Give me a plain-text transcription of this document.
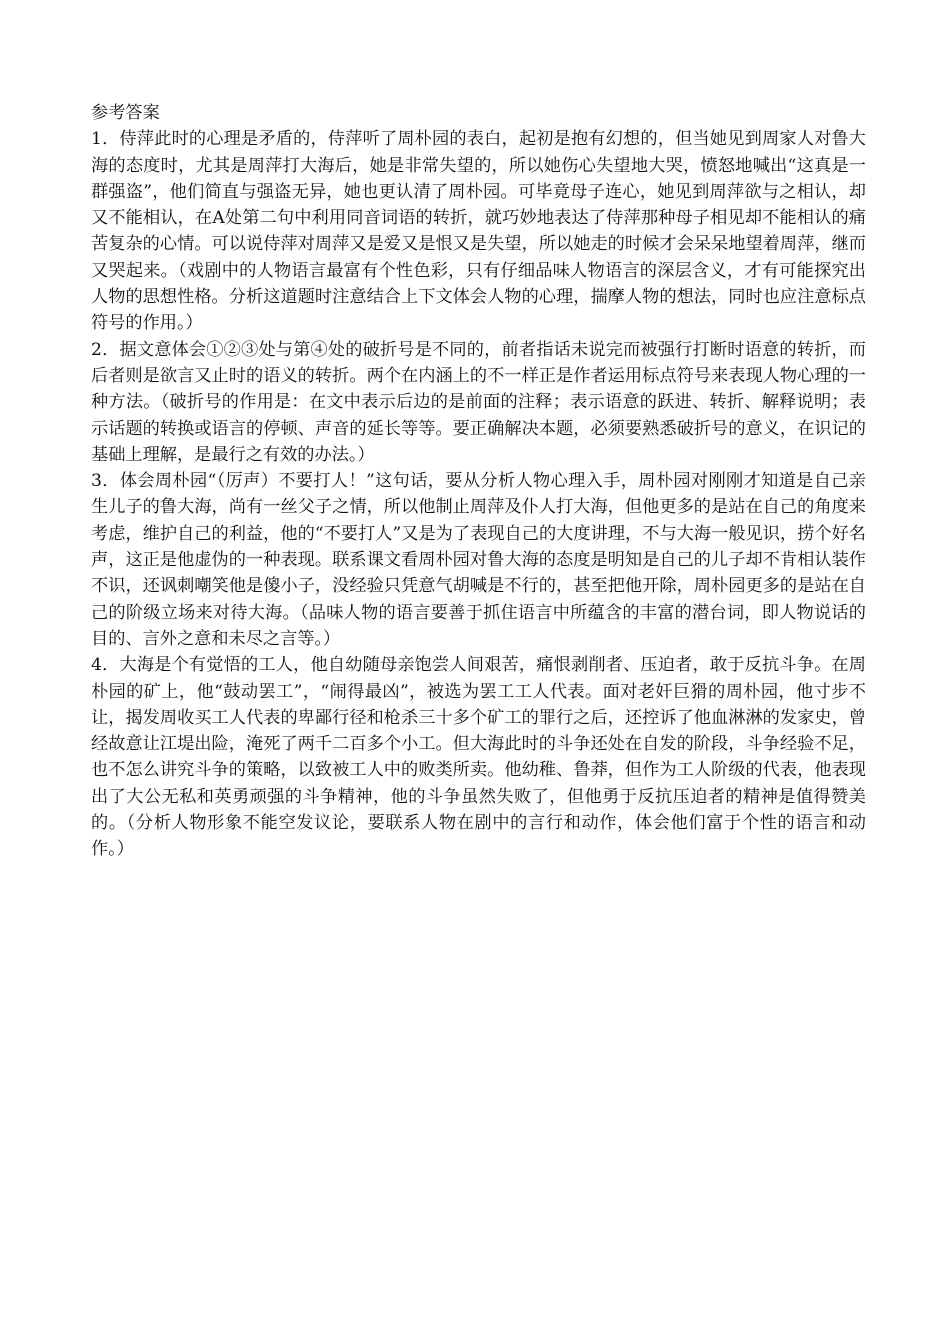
参考答案

1．侍萍此时的心理是矛盾的，侍萍听了周朴园的表白，起初是抱有幻想的，但当她见到周家人对鲁大海的态度时，尤其是周萍打大海后，她是非常失望的，所以她伤心失望地大哭，愤怒地喊出“这真是一群强盗”，他们简直与强盗无异，她也更认清了周朴园。可毕竟母子连心，她见到周萍欲与之相认，却又不能相认，在A处第二句中利用同音词语的转折，就巧妙地表达了侍萍那种母子相见却不能相认的痛苦复杂的心情。可以说侍萍对周萍又是爱又是恨又是失望，所以她走的时候才会呆呆地望着周萍，继而又哭起来。（戏剧中的人物语言最富有个性色彩，只有仔细品味人物语言的深层含义，才有可能探究出人物的思想性格。分析这道题时注意结合上下文体会人物的心理，揣摩人物的想法，同时也应注意标点符号的作用。）

2．据文意体会①②③处与第④处的破折号是不同的，前者指话未说完而被强行打断时语意的转折，而后者则是欲言又止时的语义的转折。两个在内涵上的不一样正是作者运用标点符号来表现人物心理的一种方法。（破折号的作用是：在文中表示后边的是前面的注释；表示语意的跃进、转折、解释说明；表示话题的转换或语言的停顿、声音的延长等等。要正确解决本题，必须要熟悉破折号的意义，在识记的基础上理解，是最行之有效的办法。）

3．体会周朴园“（厉声）不要打人！”这句话，要从分析人物心理入手，周朴园对刚刚才知道是自己亲生儿子的鲁大海，尚有一丝父子之情，所以他制止周萍及仆人打大海，但他更多的是站在自己的角度来考虑，维护自己的利益，他的“不要打人”又是为了表现自己的大度讲理，不与大海一般见识，捞个好名声，这正是他虚伪的一种表现。联系课文看周朴园对鲁大海的态度是明知是自己的儿子却不肯相认装作不识，还讽刺嘲笑他是傻小子，没经验只凭意气胡喊是不行的，甚至把他开除，周朴园更多的是站在自己的阶级立场来对待大海。（品味人物的语言要善于抓住语言中所蕴含的丰富的潜台词，即人物说话的目的、言外之意和未尽之言等。）

4．大海是个有觉悟的工人，他自幼随母亲饱尝人间艰苦，痛恨剥削者、压迫者，敢于反抗斗争。在周朴园的矿上，他“鼓动罢工”，“闹得最凶”，被选为罢工工人代表。面对老奸巨猾的周朴园，他寸步不让，揭发周收买工人代表的卑鄙行径和枪杀三十多个矿工的罪行之后，还控诉了他血淋淋的发家史，曾经故意让江堤出险，淹死了两千二百多个小工。但大海此时的斗争还处在自发的阶段，斗争经验不足，也不怎么讲究斗争的策略，以致被工人中的败类所卖。他幼稚、鲁莽，但作为工人阶级的代表，他表现出了大公无私和英勇顽强的斗争精神，他的斗争虽然失败了，但他勇于反抗压迫者的精神是值得赞美的。（分析人物形象不能空发议论，要联系人物在剧中的言行和动作，体会他们富于个性的语言和动作。）
